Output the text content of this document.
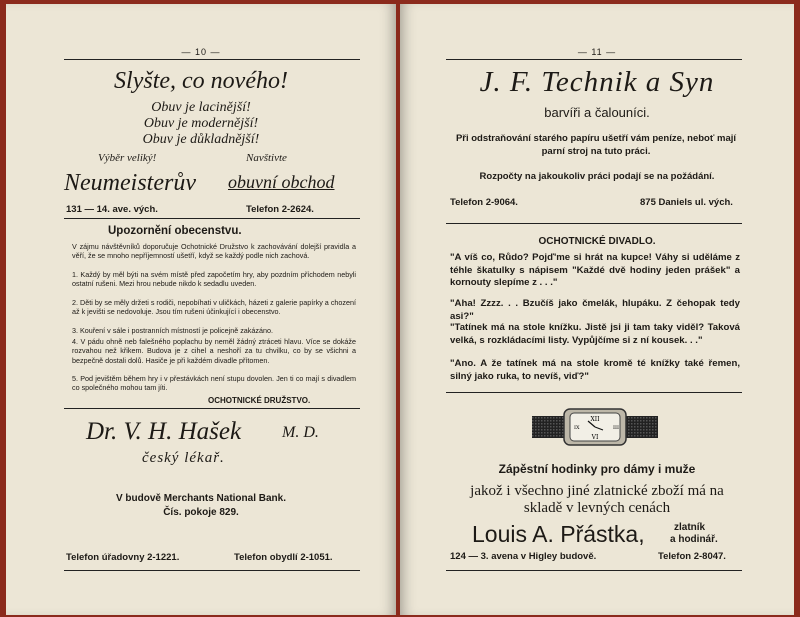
— 10 —
Slyšte, co nového!
Obuv je lacinější!
Obuv je modernější!
Obuv je důkladnější!
Výběr veliký!	Navštivte
Neumeisterův obuvní obchod
131 — 14. ave. vých.	Telefon 2-2624.
Upozornění obecenstvu.
V zájmu návštěvníků doporučuje Ochotnické Družstvo k zachovávání dolejší pravidla a věří, že se mnoho nepříjemností ušetří, když se každý podle nich zachová.
1. Každý by měl býti na svém místě před započetím hry, aby pozdním příchodem nebyli ostatní rušeni. Mezi hrou nebude nikdo k sedadlu uveden.
2. Děti by se měly držeti s rodiči, nepobíhati v uličkách, házeti z galerie papírky a chození až k jevišti se nedovoluje. Jsou tím rušeni účinkující i obecenstvo.
3. Kouření v sále i postranních místností je policejně zakázáno.
4. V pádu ohně neb falešného poplachu by neměl žádný ztráceti hlavu. Více se dokáže rozvahou než křikem. Budova je z cihel a neshoří za tu chvilku, co by se všichni a bezpečně dostali dolů. Hasiče je při každém divadle přítomen.
5. Pod jevištěm během hry i v přestávkách není stupu dovolen. Jen ti co mají s divadlem co společného mohou tam jíti.
OCHOTNICKÉ DRUŽSTVO.
Dr. V. H. Hašek	M. D.
český lékař.
V budově Merchants National Bank.
Čís. pokoje 829.
Telefon úřadovny 2-1221.	Telefon obydlí 2-1051.
— 11 —
J. F. Technik a Syn
barvíři a čalouníci.
Při odstraňování starého papíru ušetří vám peníze, neboť mají parní stroj na tuto práci.
Rozpočty na jakoukoliv práci podají se na požádání.
Telefon 2-9064.	875 Daniels ul. vých.
OCHOTNICKÉ DIVADLO.
"A víš co, Růdo? Pojď'me si hrát na kupce! Váhy si uděláme z téhle škatulky s nápisem "Každé dvě hodiny jeden prášek" a kornouty slepíme z . . ."
"Aha! Zzzz. . . Bzučíš jako čmelák, hlupáku. Z čehopak tedy asi?"
"Tatínek má na stole knížku. Jistě jsi ji tam taky viděl? Taková velká, s rozkládacími listy. Vypůjčíme si z ní kousek. . ."
"Ano. A že tatínek má na stole kromě té knížky také řemen, silný jako ruka, to nevíš, viď?"
XII
VI
IX	III
Zápěstní hodinky pro dámy i muže
jakož i všechno jiné zlatnické zboží má na
skladě v levných cenách
Louis A. Přástka,	zlatník
a hodinář.
124 — 3. avena v Higley budově.	Telefon 2-8047.
